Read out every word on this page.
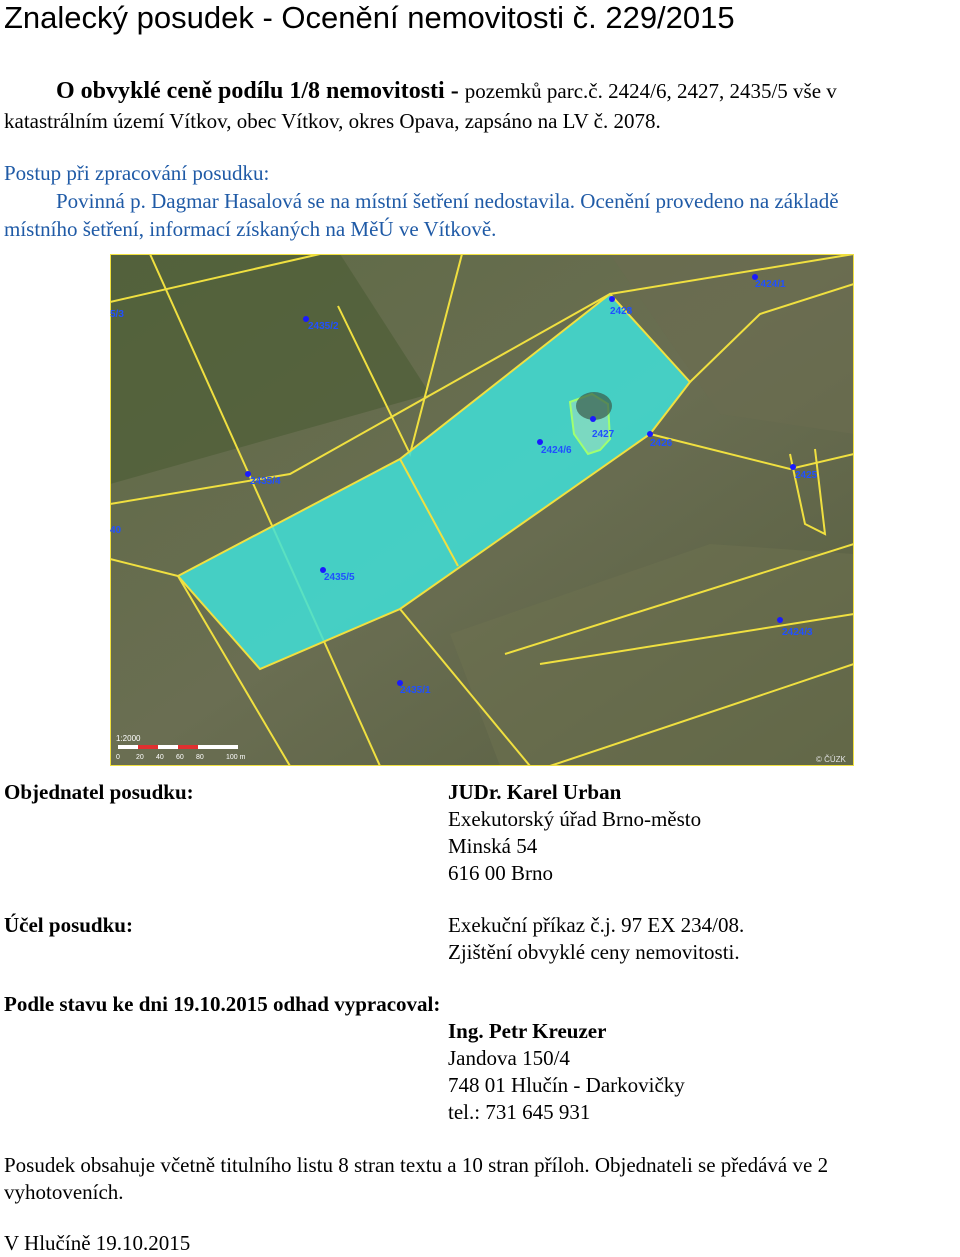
Znalecký posudek - Ocenění nemovitosti č. 229/2015
O obvyklé ceně podílu 1/8 nemovitosti - pozemků parc.č. 2424/6, 2427, 2435/5 vše v
katastrálním území Vítkov, obec Vítkov, okres Opava, zapsáno na LV č. 2078.
Postup při zpracování posudku:
Povinná p. Dagmar Hasalová se na místní šetření nedostavila. Ocenění provedeno na základě
místního šetření, informací získaných na MěÚ ve Vítkově.
2424/1
5/3
2435/2
2428
2427
2424/6
2426
2435/4
2425
40
2435/5
2424/3
2435/1
1:2000
0 20 40 60 80	100 m	© ČÚZK
Objednatel posudku:	JUDr. Karel Urban
Exekutorský úřad Brno-město
Minská 54
616 00 Brno
Účel posudku:	Exekuční příkaz č.j. 97 EX 234/08.
Zjištění obvyklé ceny nemovitosti.
Podle stavu ke dni 19.10.2015 odhad vypracoval:
Ing. Petr Kreuzer
Jandova 150/4
748 01 Hlučín - Darkovičky
tel.: 731 645 931
Posudek obsahuje včetně titulního listu 8 stran textu a 10 stran příloh. Objednateli se předává ve 2
vyhotoveních.
V Hlučíně 19.10.2015
